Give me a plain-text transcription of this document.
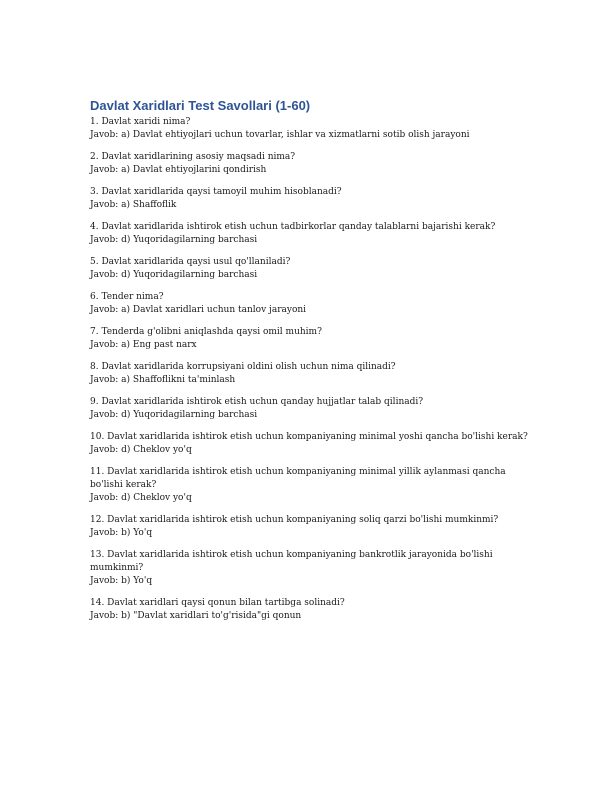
Davlat Xaridlari Test Savollari (1-60)
1. Davlat xaridi nima?
Javob: a) Davlat ehtiyojlari uchun tovarlar, ishlar va xizmatlarni sotib olish jarayoni
2. Davlat xaridlarining asosiy maqsadi nima?
Javob: a) Davlat ehtiyojlarini qondirish
3. Davlat xaridlarida qaysi tamoyil muhim hisoblanadi?
Javob: a) Shaffoflik
4. Davlat xaridlarida ishtirok etish uchun tadbirkorlar qanday talablarni bajarishi kerak?
Javob: d) Yuqoridagilarning barchasi
5. Davlat xaridlarida qaysi usul qo'llaniladi?
Javob: d) Yuqoridagilarning barchasi
6. Tender nima?
Javob: a) Davlat xaridlari uchun tanlov jarayoni
7. Tenderda g'olibni aniqlashda qaysi omil muhim?
Javob: a) Eng past narx
8. Davlat xaridlarida korrupsiyani oldini olish uchun nima qilinadi?
Javob: a) Shaffoflikni ta'minlash
9. Davlat xaridlarida ishtirok etish uchun qanday hujjatlar talab qilinadi?
Javob: d) Yuqoridagilarning barchasi
10. Davlat xaridlarida ishtirok etish uchun kompaniyaning minimal yoshi qancha bo'lishi kerak?
Javob: d) Cheklov yo'q
11. Davlat xaridlarida ishtirok etish uchun kompaniyaning minimal yillik aylanmasi qancha bo'lishi kerak?
Javob: d) Cheklov yo'q
12. Davlat xaridlarida ishtirok etish uchun kompaniyaning soliq qarzi bo'lishi mumkinmi?
Javob: b) Yo'q
13. Davlat xaridlarida ishtirok etish uchun kompaniyaning bankrotlik jarayonida bo'lishi mumkinmi?
Javob: b) Yo'q
14. Davlat xaridlari qaysi qonun bilan tartibga solinadi?
Javob: b) "Davlat xaridlari to'g'risida"gi qonun
